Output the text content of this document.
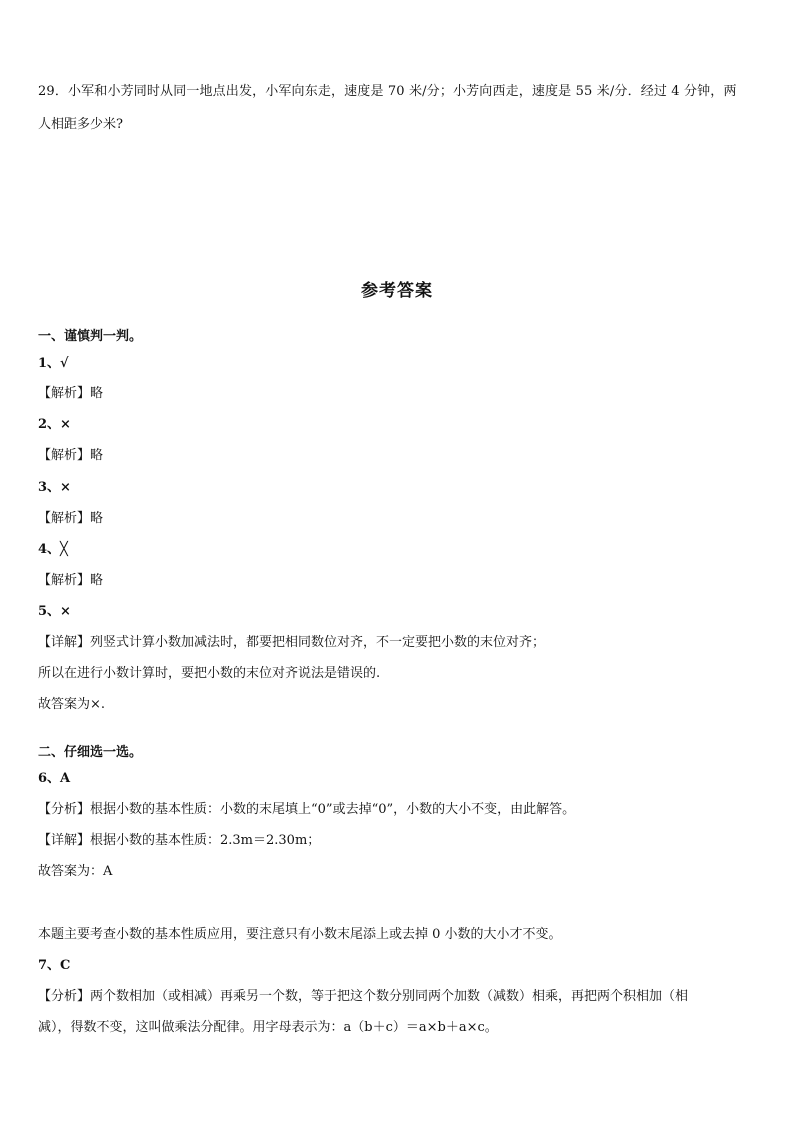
29．小军和小芳同时从同一地点出发，小军向东走，速度是 70 米/分；小芳向西走，速度是 55 米/分．经过 4 分钟，两
人相距多少米?
参考答案
一、谨慎判一判。
1、√
【解析】略
2、×
【解析】略
3、×
【解析】略
4、╳
【解析】略
5、×
【详解】列竖式计算小数加减法时，都要把相同数位对齐，不一定要把小数的末位对齐；
所以在进行小数计算时，要把小数的末位对齐说法是错误的.
故答案为×.
二、仔细选一选。
6、A
【分析】根据小数的基本性质：小数的末尾填上“0”或去掉“0”，小数的大小不变，由此解答。
【详解】根据小数的基本性质：2.3m＝2.30m；
故答案为：A
本题主要考查小数的基本性质应用，要注意只有小数末尾添上或去掉 0 小数的大小才不变。
7、C
【分析】两个数相加（或相减）再乘另一个数，等于把这个数分别同两个加数（减数）相乘，再把两个积相加（相
减），得数不变，这叫做乘法分配律。用字母表示为：a（b＋c）＝a×b＋a×c。
